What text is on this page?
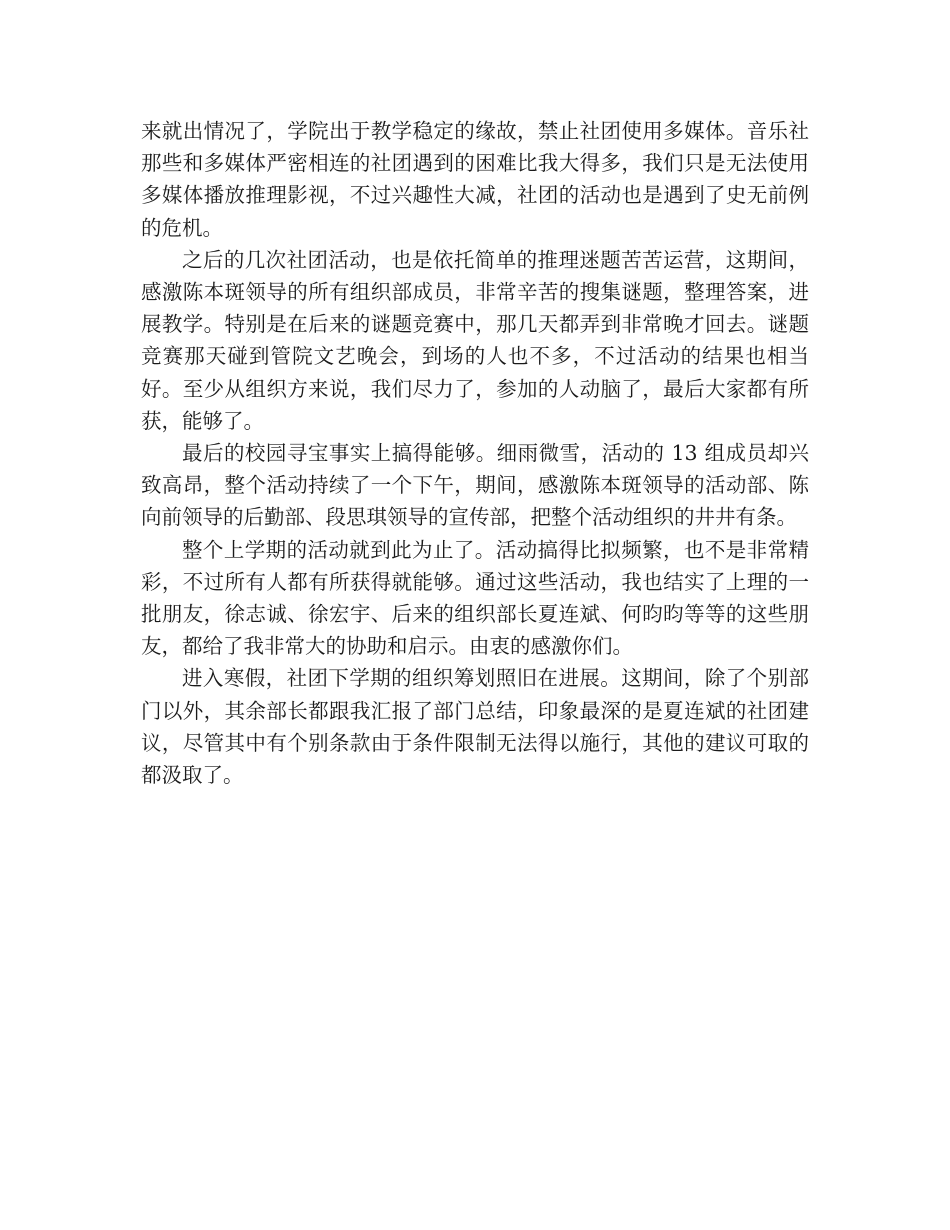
来就出情况了，学院出于教学稳定的缘故，禁止社团使用多媒体。音乐社那些和多媒体严密相连的社团遇到的困难比我大得多，我们只是无法使用多媒体播放推理影视，不过兴趣性大减，社团的活动也是遇到了史无前例的危机。

之后的几次社团活动，也是依托简单的推理迷题苦苦运营，这期间，感激陈本斑领导的所有组织部成员，非常辛苦的搜集谜题，整理答案，进展教学。特别是在后来的谜题竞赛中，那几天都弄到非常晚才回去。谜题竞赛那天碰到管院文艺晚会，到场的人也不多，不过活动的结果也相当好。至少从组织方来说，我们尽力了，参加的人动脑了，最后大家都有所获，能够了。

最后的校园寻宝事实上搞得能够。细雨微雪，活动的 13 组成员却兴致高昂，整个活动持续了一个下午，期间，感激陈本斑领导的活动部、陈向前领导的后勤部、段思琪领导的宣传部，把整个活动组织的井井有条。

整个上学期的活动就到此为止了。活动搞得比拟频繁，也不是非常精彩，不过所有人都有所获得就能够。通过这些活动，我也结实了上理的一批朋友，徐志诚、徐宏宇、后来的组织部长夏连斌、何昀昀等等的这些朋友，都给了我非常大的协助和启示。由衷的感激你们。

进入寒假，社团下学期的组织筹划照旧在进展。这期间，除了个别部门以外，其余部长都跟我汇报了部门总结，印象最深的是夏连斌的社团建议，尽管其中有个别条款由于条件限制无法得以施行，其他的建议可取的都汲取了。
